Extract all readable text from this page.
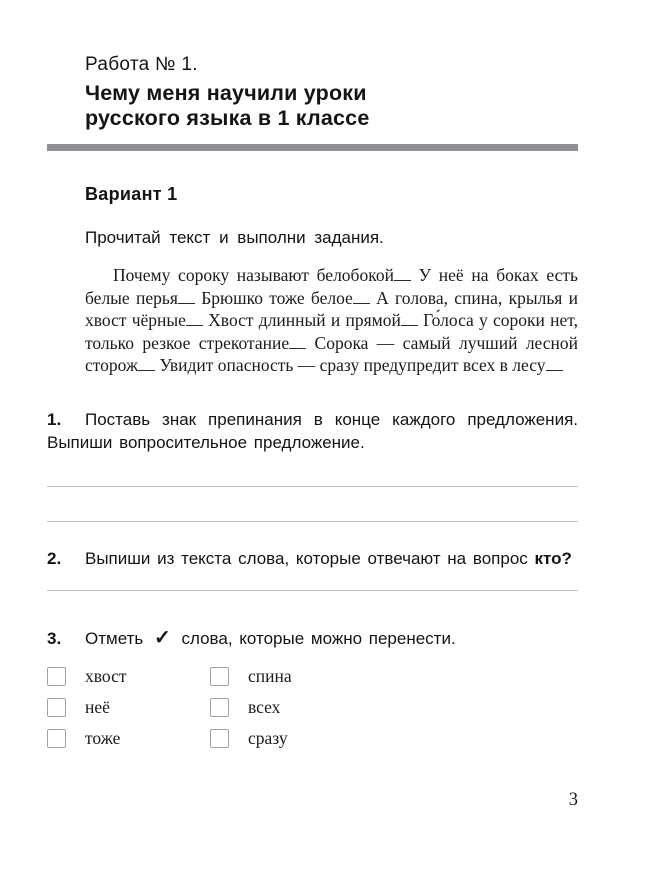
Работа № 1.
Чему меня научили уроки
русского языка в 1 классе
Вариант 1

Прочитай текст и выполни задания.

Почему сороку называют белобокой У неё на боках есть белые перья Брюшко тоже белое А голова, спина, крылья и хвост чёрные Хвост длинный и прямой Го́лоса у сороки нет, только резкое стрекотание Сорока — самый лучший лесной сторож Увидит опасность — сразу предупредит всех в лесу

1. Поставь знак препинания в конце каждого предложения. Выпиши вопросительное предложение.

2. Выпиши из текста слова, которые отвечают на вопрос кто?

3. Отметь ✓ слова, которые можно перенести.

хвост
неё
тоже
спина
всех
сразу
3
